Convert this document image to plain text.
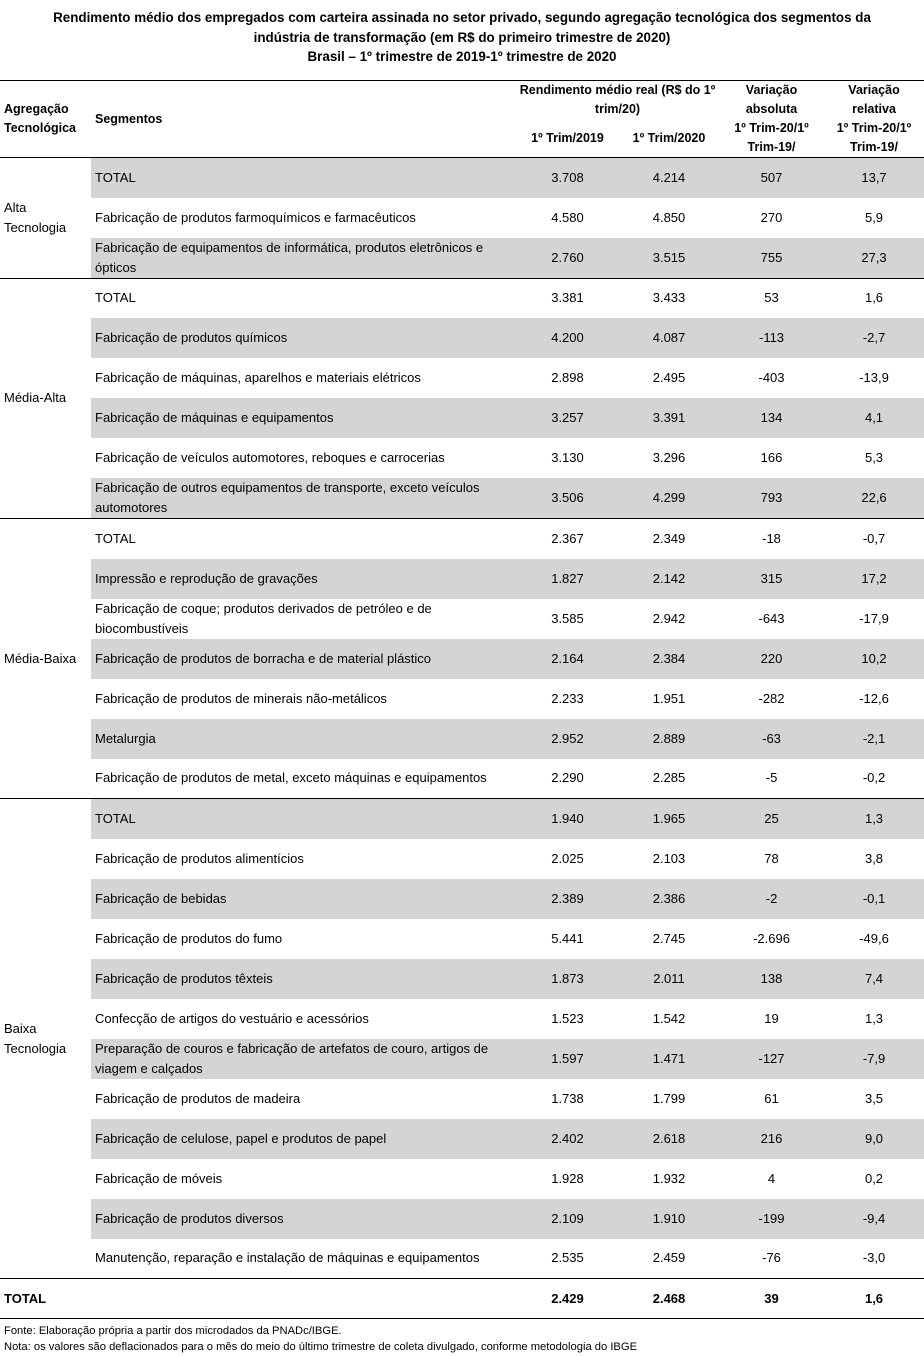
Rendimento médio dos empregados com carteira assinada no setor privado, segundo agregação tecnológica dos segmentos da
indústria de transformação (em R$ do primeiro trimestre de 2020)
Brasil – 1º trimestre de 2019-1º trimestre de 2020
Agregação Tecnológica	Segmentos	Rendimento médio real (R$ do 1º trim/20)		Variação absoluta	Variação relativa
		1º Trim/2019	1º Trim/2020	1º Trim-20/1º Trim-19/	1º Trim-20/1º Trim-19/
Alta Tecnologia	TOTAL	3.708	4.214	507	13,7
	Fabricação de produtos farmoquímicos e farmacêuticos	4.580	4.850	270	5,9
	Fabricação de equipamentos de informática, produtos eletrônicos e ópticos	2.760	3.515	755	27,3
Média-Alta	TOTAL	3.381	3.433	53	1,6
	Fabricação de produtos químicos	4.200	4.087	-113	-2,7
	Fabricação de máquinas, aparelhos e materiais elétricos	2.898	2.495	-403	-13,9
	Fabricação de máquinas e equipamentos	3.257	3.391	134	4,1
	Fabricação de veículos automotores, reboques e carrocerias	3.130	3.296	166	5,3
	Fabricação de outros equipamentos de transporte, exceto veículos automotores	3.506	4.299	793	22,6
Média-Baixa	TOTAL	2.367	2.349	-18	-0,7
	Impressão e reprodução de gravações	1.827	2.142	315	17,2
	Fabricação de coque; produtos derivados de petróleo e de biocombustíveis	3.585	2.942	-643	-17,9
	Fabricação de produtos de borracha e de material plástico	2.164	2.384	220	10,2
	Fabricação de produtos de minerais não-metálicos	2.233	1.951	-282	-12,6
	Metalurgia	2.952	2.889	-63	-2,1
	Fabricação de produtos de metal, exceto máquinas e equipamentos	2.290	2.285	-5	-0,2
Baixa Tecnologia	TOTAL	1.940	1.965	25	1,3
	Fabricação de produtos alimentícios	2.025	2.103	78	3,8
	Fabricação de bebidas	2.389	2.386	-2	-0,1
	Fabricação de produtos do fumo	5.441	2.745	-2.696	-49,6
	Fabricação de produtos têxteis	1.873	2.011	138	7,4
	Confecção de artigos do vestuário e acessórios	1.523	1.542	19	1,3
	Preparação de couros e fabricação de artefatos de couro, artigos de viagem e calçados	1.597	1.471	-127	-7,9
	Fabricação de produtos de madeira	1.738	1.799	61	3,5
	Fabricação de celulose, papel e produtos de papel	2.402	2.618	216	9,0
	Fabricação de móveis	1.928	1.932	4	0,2
	Fabricação de produtos diversos	2.109	1.910	-199	-9,4
	Manutenção, reparação e instalação de máquinas e equipamentos	2.535	2.459	-76	-3,0
TOTAL		2.429	2.468	39	1,6
Fonte: Elaboração própria a partir dos microdados da PNADc/IBGE.
Nota: os valores são deflacionados para o mês do meio do último trimestre de coleta divulgado, conforme metodologia do IBGE
